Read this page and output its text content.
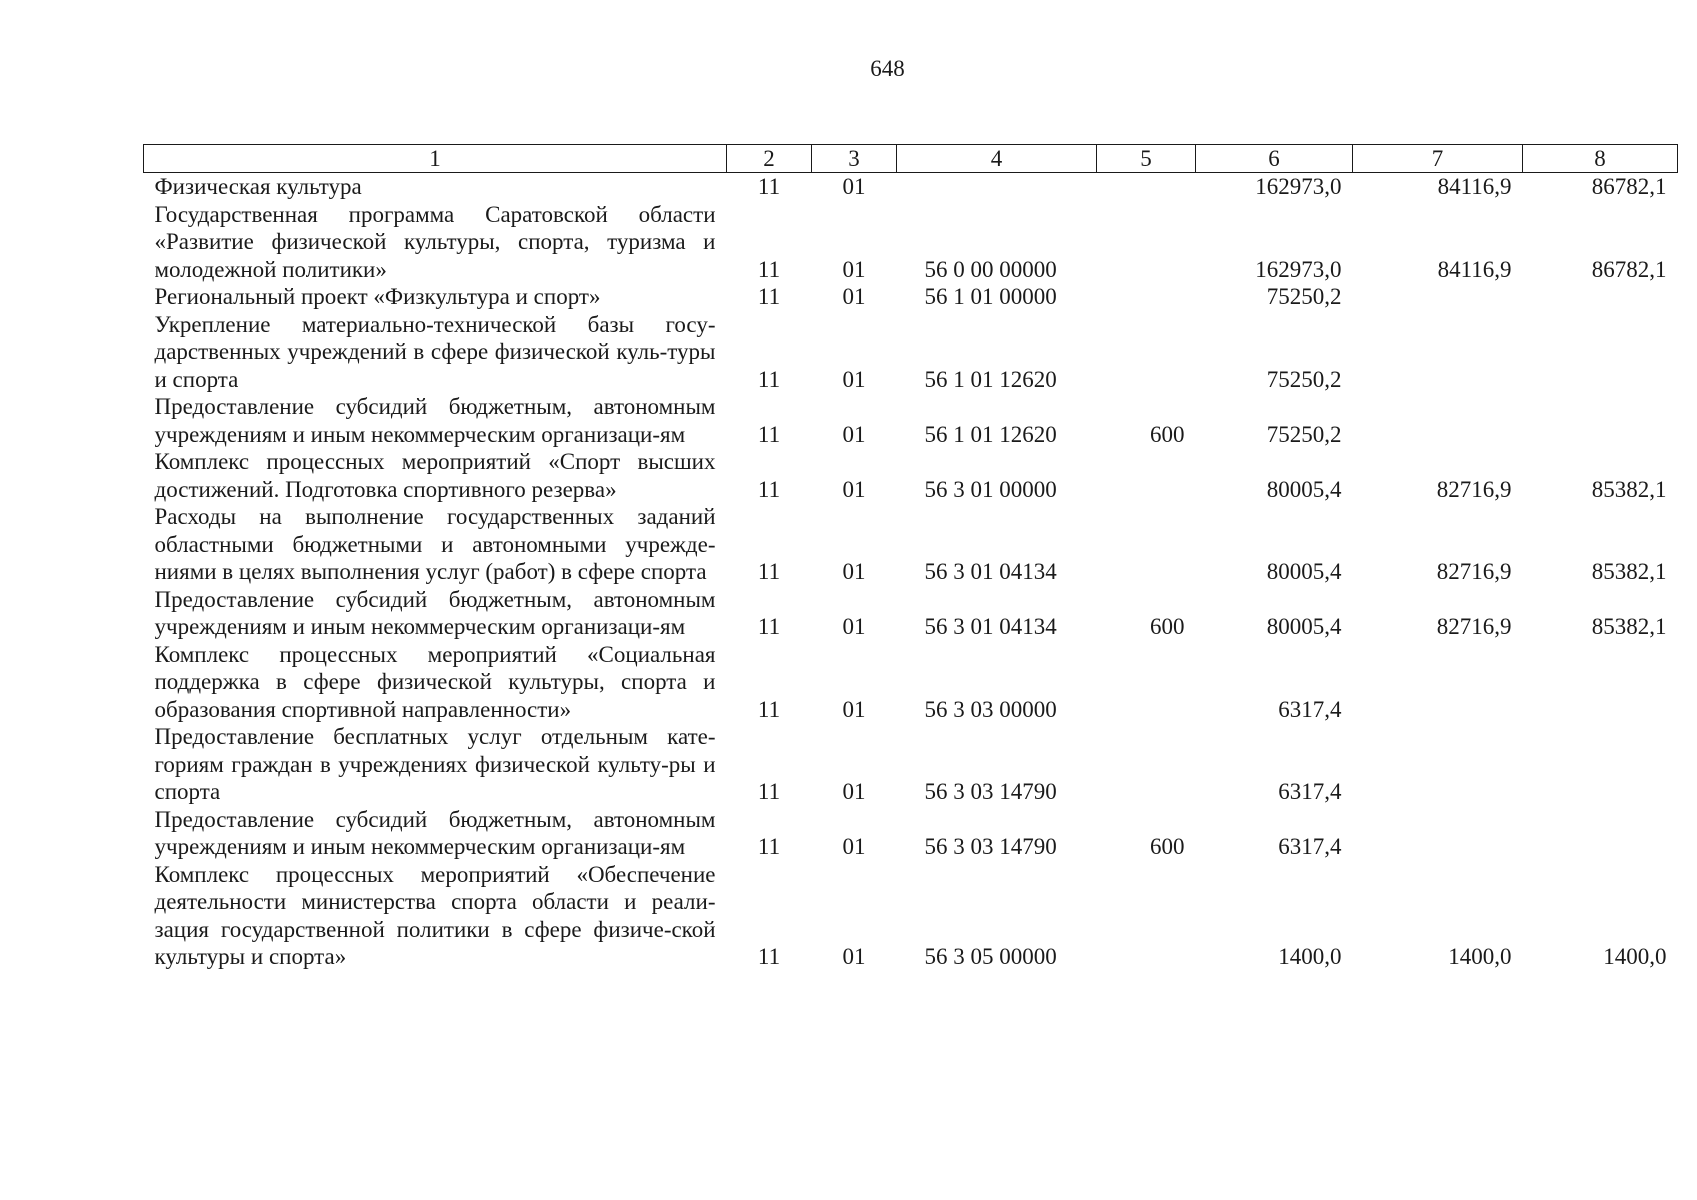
648
1	2	3	4	5	6	7	8
Физическая культура	11	01			162973,0	84116,9	86782,1
Государственная программа Саратовской области «Развитие физической культуры, спорта, туризма и молодежной политики»	11	01	56 0 00 00000		162973,0	84116,9	86782,1
Региональный проект «Физкультура и спорт»	11	01	56 1 01 00000		75250,2		
Укрепление материально-технической базы госу-дарственных учреждений в сфере физической куль-туры и спорта	11	01	56 1 01 12620		75250,2		
Предоставление субсидий бюджетным, автономным учреждениям и иным некоммерческим организаци-ям	11	01	56 1 01 12620	600	75250,2		
Комплекс процессных мероприятий «Спорт высших достижений. Подготовка спортивного резерва»	11	01	56 3 01 00000		80005,4	82716,9	85382,1
Расходы на выполнение государственных заданий областными бюджетными и автономными учрежде-ниями в целях выполнения услуг (работ) в сфере спорта	11	01	56 3 01 04134		80005,4	82716,9	85382,1
Предоставление субсидий бюджетным, автономным учреждениям и иным некоммерческим организаци-ям	11	01	56 3 01 04134	600	80005,4	82716,9	85382,1
Комплекс процессных мероприятий «Социальная поддержка в сфере физической культуры, спорта и образования спортивной направленности»	11	01	56 3 03 00000		6317,4		
Предоставление бесплатных услуг отдельным кате-гориям граждан в учреждениях физической культу-ры и спорта	11	01	56 3 03 14790		6317,4		
Предоставление субсидий бюджетным, автономным учреждениям и иным некоммерческим организаци-ям	11	01	56 3 03 14790	600	6317,4		
Комплекс процессных мероприятий «Обеспечение деятельности министерства спорта области и реали-зация государственной политики в сфере физиче-ской культуры и спорта»	11	01	56 3 05 00000		1400,0	1400,0	1400,0
